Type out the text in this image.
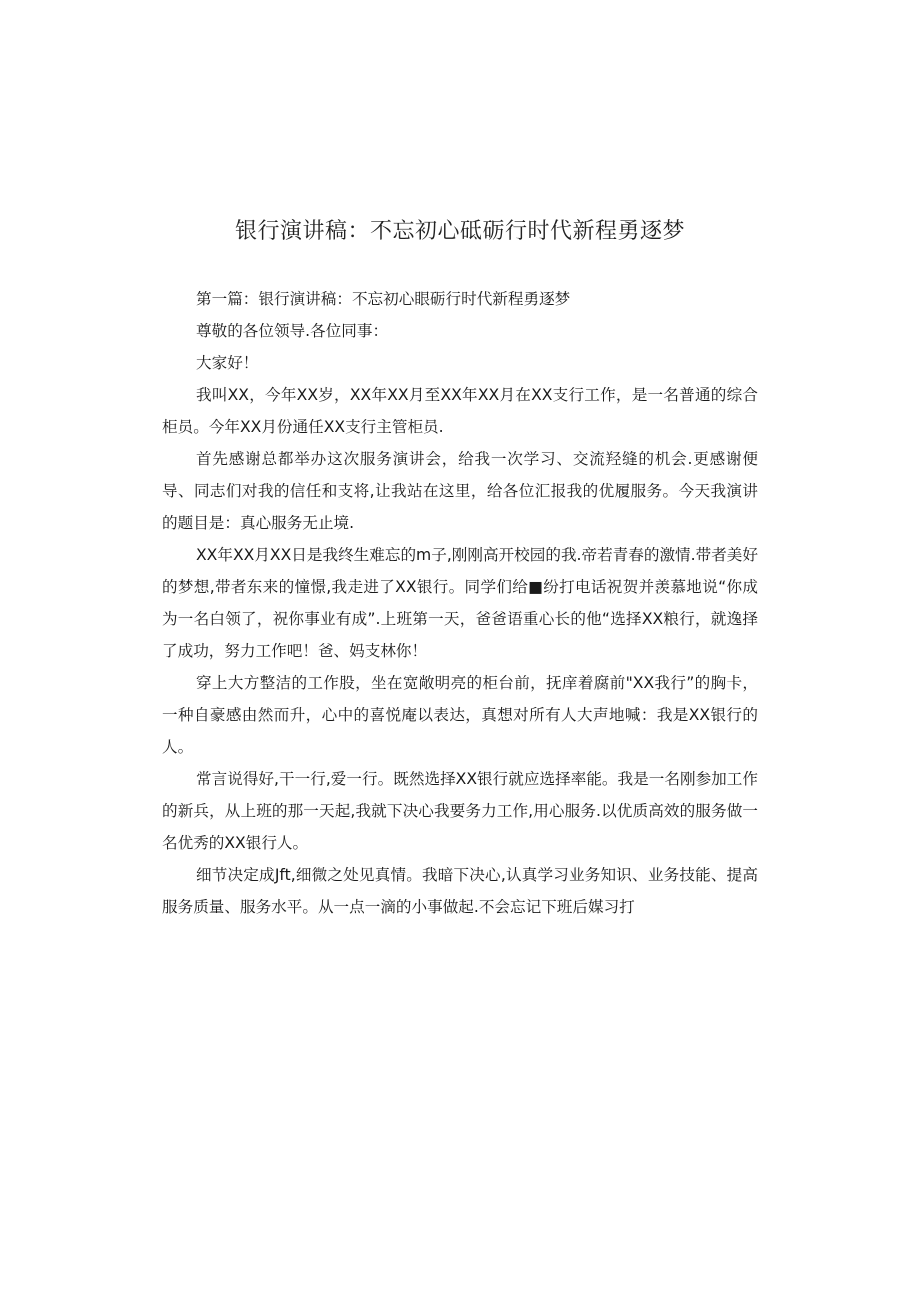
银行演讲稿：不忘初心砥砺行时代新程勇逐梦

第一篇：银行演讲稿：不忘初心眼砺行时代新程勇逐梦

尊敬的各位领导.各位同事：

大家好！

我叫XX，今年XX岁，XX年XX月至XX年XX月在XX支行工作，是一名普通的综合柜员。今年XX月份通任XX支行主管柜员.

首先感谢总都举办这次服务演讲会，给我一次学习、交流羟缝的机会.更感谢便导、同志们对我的信任和支将,让我站在这里，给各位汇报我的优履服务。今天我演讲的题目是：真心服务无止境.

XX年XX月XX日是我终生难忘的m子,刚刚高开校园的我.帝若青春的激情.带者美好的梦想,带者东来的憧憬,我走进了XX银行。同学们给■纷打电话祝贺并羡慕地说“你成为一名白领了，祝你事业有成”.上班第一天，爸爸语重心长的他“选择XX粮行，就逸择了成功，努力工作吧！爸、妈支林你！

穿上大方整洁的工作股，坐在宽敞明亮的柜台前，抚庠着腐前"XX我行”的胸卡，一种自豪感由然而升，心中的喜悦庵以表达，真想对所有人大声地喊：我是XX银行的人。

常言说得好,干一行,爱一行。既然选择XX银行就应选择率能。我是一名刚参加工作的新兵，从上班的那一天起,我就下决心我要务力工作,用心服务.以优质高效的服务做一名优秀的XX银行人。

细节决定成Jft,细微之处见真情。我暗下决心,认真学习业务知识、业务技能、提高服务质量、服务水平。从一点一滴的小事做起.不会忘记下班后媒习打
